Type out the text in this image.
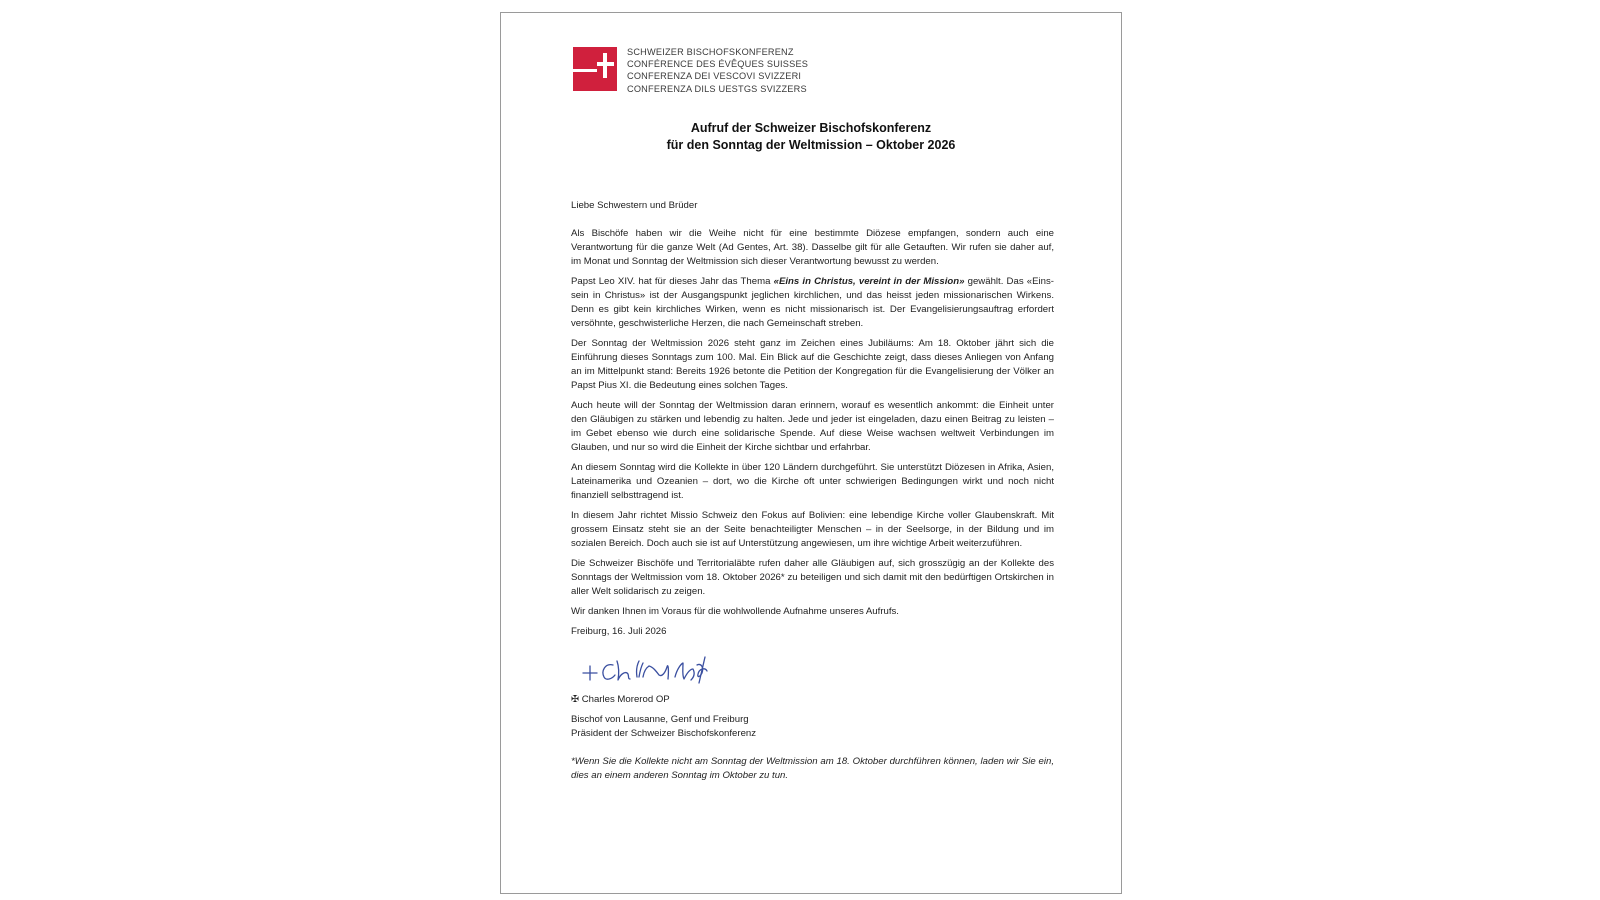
SCHWEIZER BISCHOFSKONFERENZ
CONFÉRENCE DES ÉVÊQUES SUISSES
CONFERENZA DEI VESCOVI SVIZZERI
CONFERENZA DILS UESTGS SVIZZERS
Aufruf der Schweizer Bischofskonferenz
für den Sonntag der Weltmission – Oktober 2026

Liebe Schwestern und Brüder

Als Bischöfe haben wir die Weihe nicht für eine bestimmte Diözese empfangen, sondern auch eine Verantwortung für die ganze Welt (Ad Gentes, Art. 38). Dasselbe gilt für alle Getauften. Wir rufen sie daher auf, im Monat und Sonntag der Weltmission sich dieser Verantwortung bewusst zu werden.

Papst Leo XIV. hat für dieses Jahr das Thema «Eins in Christus, vereint in der Mission» gewählt. Das «Eins-sein in Christus» ist der Ausgangspunkt jeglichen kirchlichen, und das heisst jeden missionarischen Wirkens. Denn es gibt kein kirchliches Wirken, wenn es nicht missionarisch ist. Der Evangelisierungsauftrag erfordert versöhnte, geschwisterliche Herzen, die nach Gemeinschaft streben.

Der Sonntag der Weltmission 2026 steht ganz im Zeichen eines Jubiläums: Am 18. Oktober jährt sich die Einführung dieses Sonntags zum 100. Mal. Ein Blick auf die Geschichte zeigt, dass dieses Anliegen von Anfang an im Mittelpunkt stand: Bereits 1926 betonte die Petition der Kongregation für die Evangelisierung der Völker an Papst Pius XI. die Bedeutung eines solchen Tages.

Auch heute will der Sonntag der Weltmission daran erinnern, worauf es wesentlich ankommt: die Einheit unter den Gläubigen zu stärken und lebendig zu halten. Jede und jeder ist eingeladen, dazu einen Beitrag zu leisten – im Gebet ebenso wie durch eine solidarische Spende. Auf diese Weise wachsen weltweit Verbindungen im Glauben, und nur so wird die Einheit der Kirche sichtbar und erfahrbar.

An diesem Sonntag wird die Kollekte in über 120 Ländern durchgeführt. Sie unterstützt Diözesen in Afrika, Asien, Lateinamerika und Ozeanien – dort, wo die Kirche oft unter schwierigen Bedingungen wirkt und noch nicht finanziell selbsttragend ist.

In diesem Jahr richtet Missio Schweiz den Fokus auf Bolivien: eine lebendige Kirche voller Glaubenskraft. Mit grossem Einsatz steht sie an der Seite benachteiligter Menschen – in der Seelsorge, in der Bildung und im sozialen Bereich. Doch auch sie ist auf Unterstützung angewiesen, um ihre wichtige Arbeit weiterzuführen.

Die Schweizer Bischöfe und Territorialäbte rufen daher alle Gläubigen auf, sich grosszügig an der Kollekte des Sonntags der Weltmission vom 18. Oktober 2026* zu beteiligen und sich damit mit den bedürftigen Ortskirchen in aller Welt solidarisch zu zeigen.

Wir danken Ihnen im Voraus für die wohlwollende Aufnahme unseres Aufrufs.

Freiburg, 16. Juli 2026

✠ Charles Morerod OP

Bischof von Lausanne, Genf und Freiburg
Präsident der Schweizer Bischofskonferenz

*Wenn Sie die Kollekte nicht am Sonntag der Weltmission am 18. Oktober durchführen können, laden wir Sie ein, dies an einem anderen Sonntag im Oktober zu tun.
